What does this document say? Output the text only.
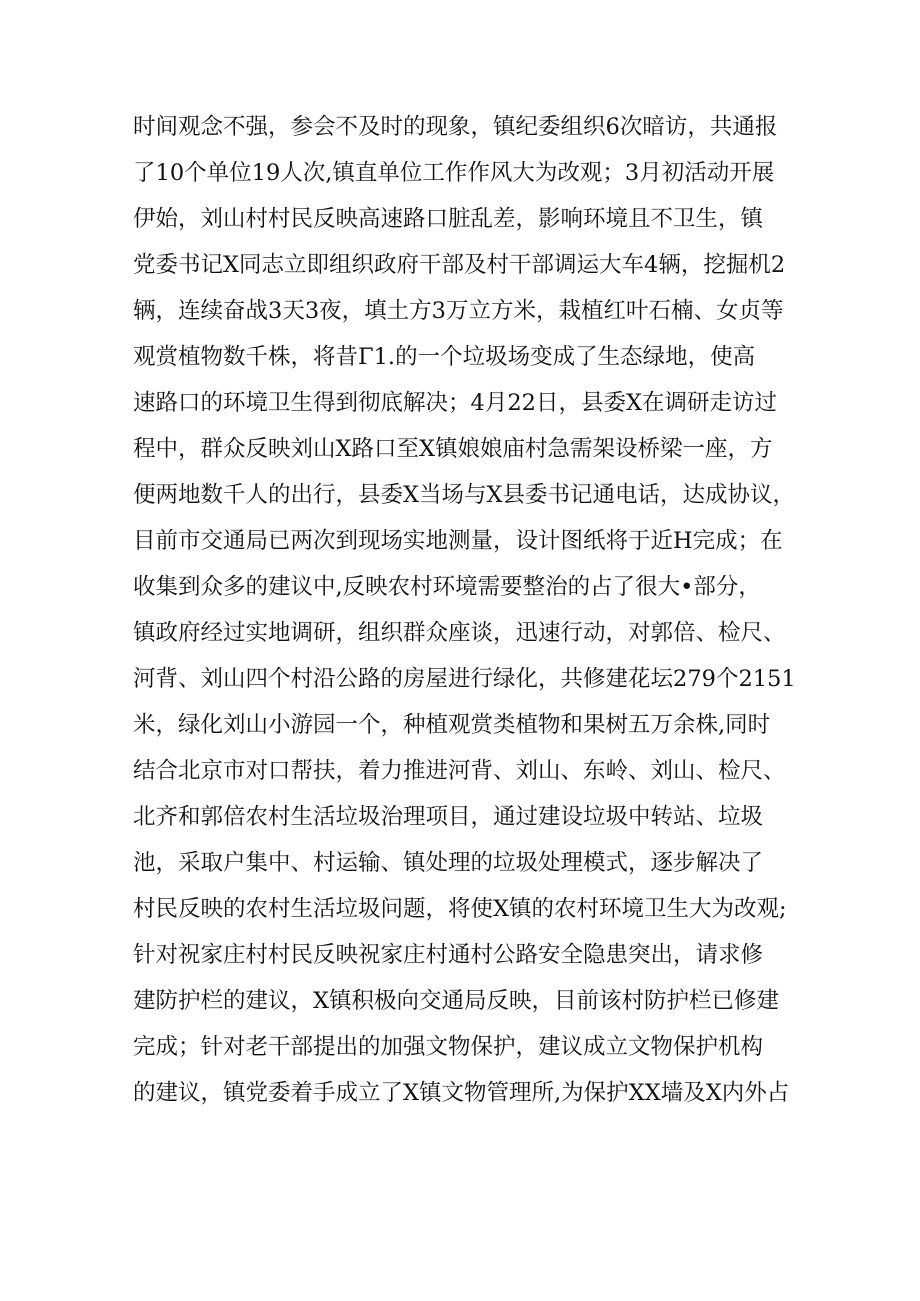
时间观念不强，参会不及时的现象，镇纪委组织6次暗访，共通报
了10个单位19人次,镇直单位工作作风大为改观；3月初活动开展
伊始，刘山村村民反映高速路口脏乱差，影响环境且不卫生，镇
党委书记X同志立即组织政府干部及村干部调运大车4辆，挖掘机2
辆，连续奋战3天3夜，填土方3万立方米，栽植红叶石楠、女贞等
观赏植物数千株，将昔Γ1.的一个垃圾场变成了生态绿地，使高
速路口的环境卫生得到彻底解决；4月22日，县委X在调研走访过
程中，群众反映刘山X路口至X镇娘娘庙村急需架设桥梁一座，方
便两地数千人的出行，县委X当场与X县委书记通电话，达成协议，
目前市交通局已两次到现场实地测量，设计图纸将于近H完成；在
收集到众多的建议中,反映农村环境需要整治的占了很大•部分，
镇政府经过实地调研，组织群众座谈，迅速行动，对郭倍、检尺、
河背、刘山四个村沿公路的房屋进行绿化，共修建花坛279个2151
米，绿化刘山小游园一个，种植观赏类植物和果树五万余株,同时
结合北京市对口帮扶，着力推进河背、刘山、东岭、刘山、检尺、
北齐和郭倍农村生活垃圾治理项目，通过建设垃圾中转站、垃圾
池，采取户集中、村运输、镇处理的垃圾处理模式，逐步解决了
村民反映的农村生活垃圾问题，将使X镇的农村环境卫生大为改观;
针对祝家庄村村民反映祝家庄村通村公路安全隐患突出，请求修
建防护栏的建议，X镇积极向交通局反映，目前该村防护栏已修建
完成；针对老干部提出的加强文物保护，建议成立文物保护机构
的建议，镇党委着手成立了X镇文物管理所,为保护XX墙及X内外占
